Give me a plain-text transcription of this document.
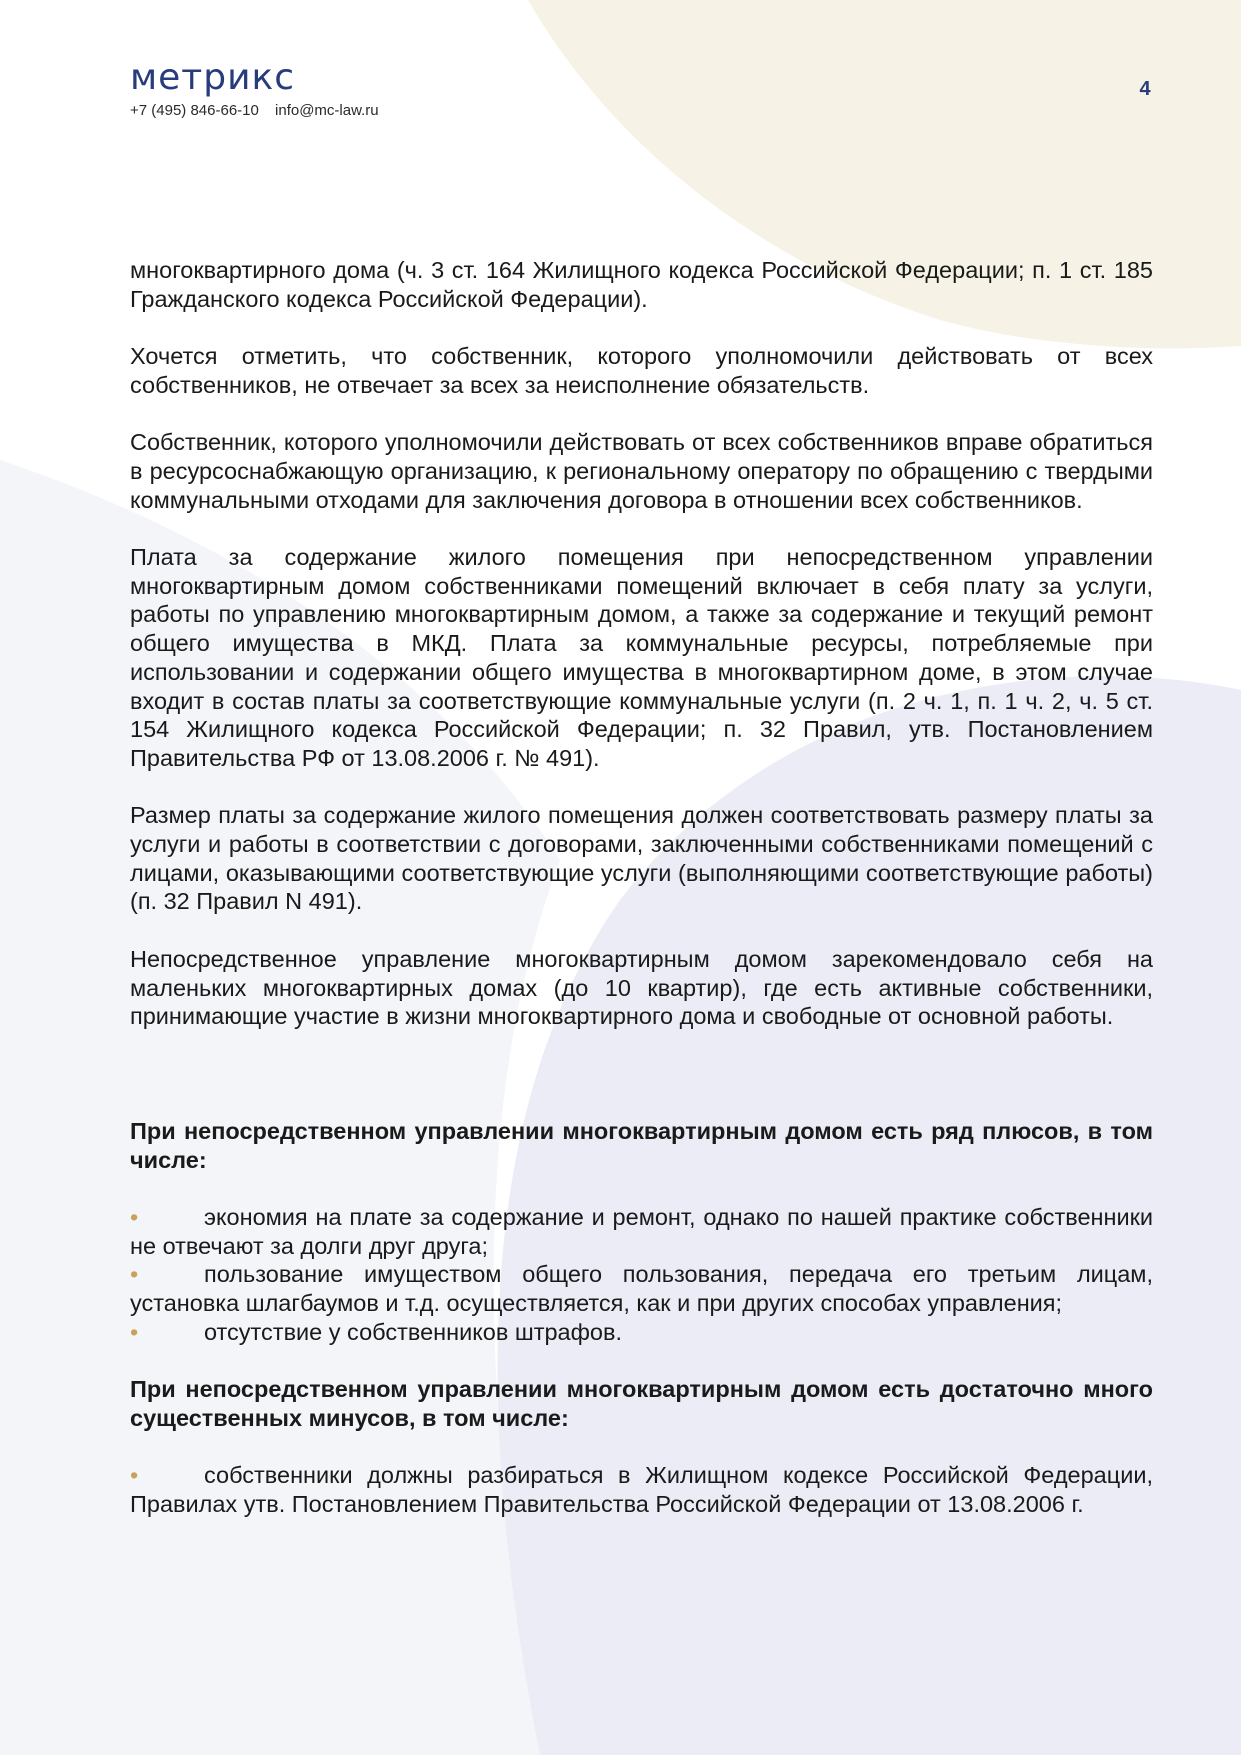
метрикс
+7 (495) 846-66-10 info@mc-law.ru
4

многоквартирного дома (ч. 3 ст. 164 Жилищного кодекса Российской Федерации; п. 1 ст. 185 Гражданского кодекса Российской Федерации).

Хочется отметить, что собственник, которого уполномочили действовать от всех собственников, не отвечает за всех за неисполнение обязательств.

Собственник, которого уполномочили действовать от всех собственников вправе обратиться в ресурсоснабжающую организацию, к региональному оператору по обращению с твердыми коммунальными отходами для заключения договора в отношении всех собственников.

Плата за содержание жилого помещения при непосредственном управлении многоквартирным домом собственниками помещений включает в себя плату за услуги, работы по управлению многоквартирным домом, а также за содержание и текущий ремонт общего имущества в МКД. Плата за коммунальные ресурсы, потребляемые при использовании и содержании общего имущества в многоквартирном доме, в этом случае входит в состав платы за соответствующие коммунальные услуги (п. 2 ч. 1, п. 1 ч. 2, ч. 5 ст. 154 Жилищного кодекса Российской Федерации; п. 32 Правил, утв. Постановлением Правительства РФ от 13.08.2006 г. № 491).

Размер платы за содержание жилого помещения должен соответствовать размеру платы за услуги и работы в соответствии с договорами, заключенными собственниками помещений с лицами, оказывающими соответствующие услуги (выполняющими соответствующие работы) (п. 32 Правил N 491).

Непосредственное управление многоквартирным домом зарекомендовало себя на маленьких многоквартирных домах (до 10 квартир), где есть активные собственники, принимающие участие в жизни многоквартирного дома и свободные от основной работы.

При непосредственном управлении многоквартирным домом есть ряд плюсов, в том числе:

•	экономия на плате за содержание и ремонт, однако по нашей практике собственники не отвечают за долги друг друга;

•	пользование имуществом общего пользования, передача его третьим лицам, установка шлагбаумов и т.д. осуществляется, как и при других способах управления;

•	отсутствие у собственников штрафов.

При непосредственном управлении многоквартирным домом есть достаточно много существенных минусов, в том числе:

•	собственники должны разбираться в Жилищном кодексе Российской Федерации, Правилах утв. Постановлением Правительства Российской Федерации от 13.08.2006 г.
